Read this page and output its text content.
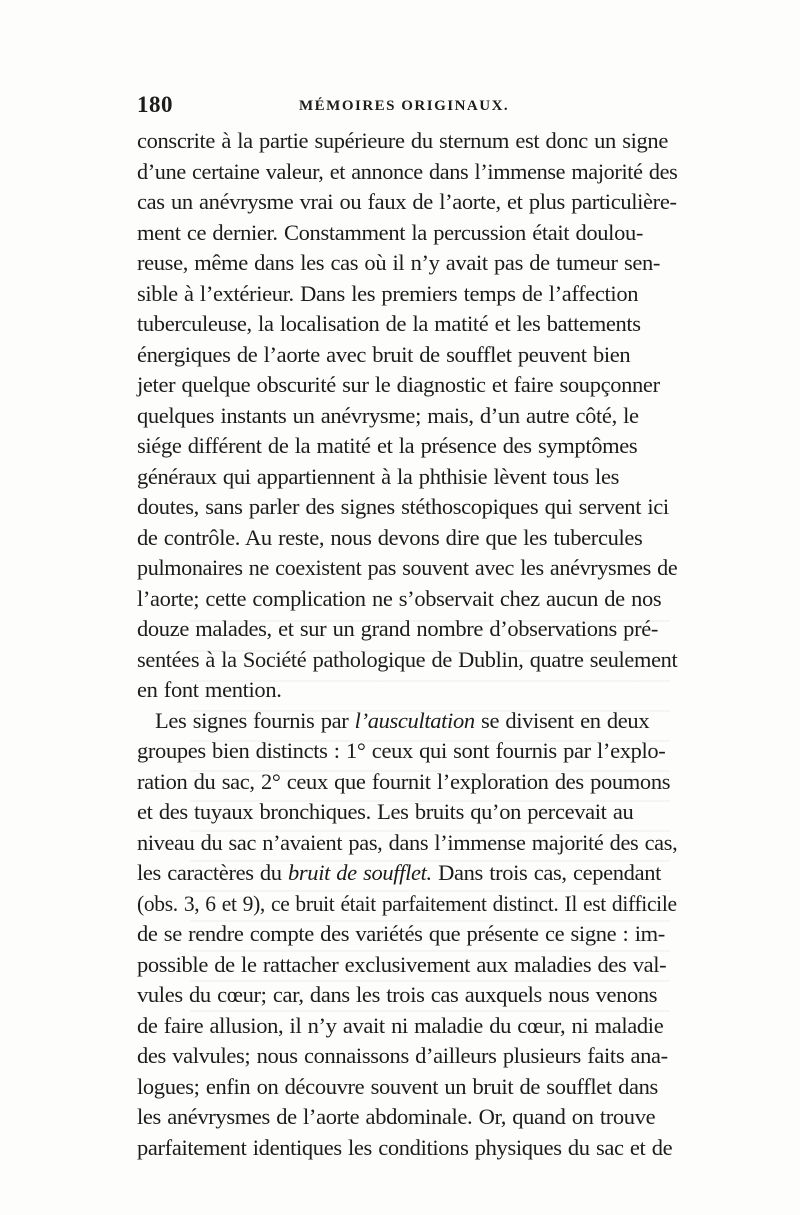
180	MÉMOIRES ORIGINAUX.
conscrite à la partie supérieure du sternum est donc un signe
d’une certaine valeur, et annonce dans l’immense majorité des
cas un anévrysme vrai ou faux de l’aorte, et plus particulière-
ment ce dernier. Constamment la percussion était doulou-
reuse, même dans les cas où il n’y avait pas de tumeur sen-
sible à l’extérieur. Dans les premiers temps de l’affection
tuberculeuse, la localisation de la matité et les battements
énergiques de l’aorte avec bruit de soufflet peuvent bien
jeter quelque obscurité sur le diagnostic et faire soupçonner
quelques instants un anévrysme; mais, d’un autre côté, le
siége différent de la matité et la présence des symptômes
généraux qui appartiennent à la phthisie lèvent tous les
doutes, sans parler des signes stéthoscopiques qui servent ici
de contrôle. Au reste, nous devons dire que les tubercules
pulmonaires ne coexistent pas souvent avec les anévrysmes de
l’aorte; cette complication ne s’observait chez aucun de nos
douze malades, et sur un grand nombre d’observations pré-
sentées à la Société pathologique de Dublin, quatre seulement
en font mention.
Les signes fournis par l’auscultation se divisent en deux
groupes bien distincts : 1° ceux qui sont fournis par l’explo-
ration du sac, 2° ceux que fournit l’exploration des poumons
et des tuyaux bronchiques. Les bruits qu’on percevait au
niveau du sac n’avaient pas, dans l’immense majorité des cas,
les caractères du bruit de soufflet. Dans trois cas, cependant
(obs. 3, 6 et 9), ce bruit était parfaitement distinct. Il est difficile
de se rendre compte des variétés que présente ce signe : im-
possible de le rattacher exclusivement aux maladies des val-
vules du cœur; car, dans les trois cas auxquels nous venons
de faire allusion, il n’y avait ni maladie du cœur, ni maladie
des valvules; nous connaissons d’ailleurs plusieurs faits ana-
logues; enfin on découvre souvent un bruit de soufflet dans
les anévrysmes de l’aorte abdominale. Or, quand on trouve
parfaitement identiques les conditions physiques du sac et de
